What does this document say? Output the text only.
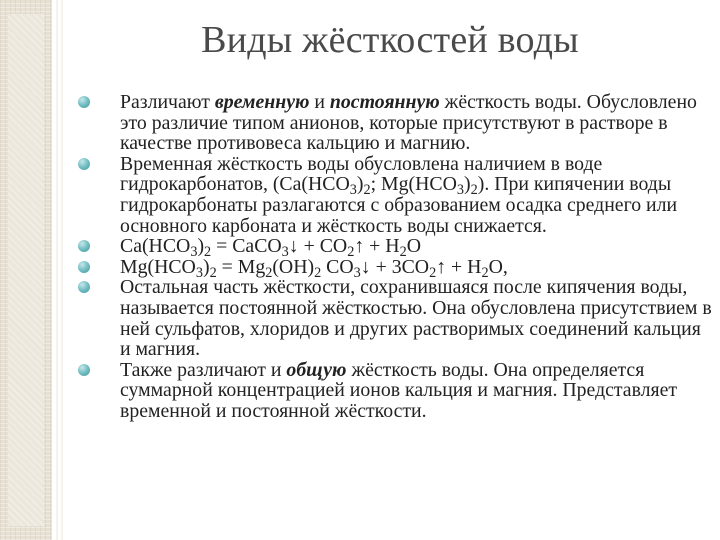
Виды жёсткостей воды
Различают временную и постоянную жёсткость воды. Обусловлено это различие типом анионов, которые присутствуют в растворе в качестве противовеса кальцию и магнию.
Временная жёсткость воды обусловлена наличием в воде гидрокарбонатов, ($Са(НСО_3)_2$; $Mg(HCO_3)_2$). При кипячении воды гидрокарбонаты разлагаются с образованием осадка среднего или основного карбоната и жёсткость воды снижается.
$Ca(HCO_3)_2$ = CaCO$_3$↓ + $CO_2↑ + H_2O$
$Mg(HCO_3)_2 = Mg_2(OH)_2$ $CO_3↓$ + $3CO_2↑ + H_2O$,
Остальная часть жёсткости, сохранившаяся после кипячения воды, называется постоянной жёсткостью. Она обусловлена присутствием в ней сульфатов, хлоридов и других растворимых соединений кальция и магния.
Также различают и общую жёсткость воды. Она определяется суммарной концентрацией ионов кальция и магния. Представляет временной и постоянной жёсткости.
